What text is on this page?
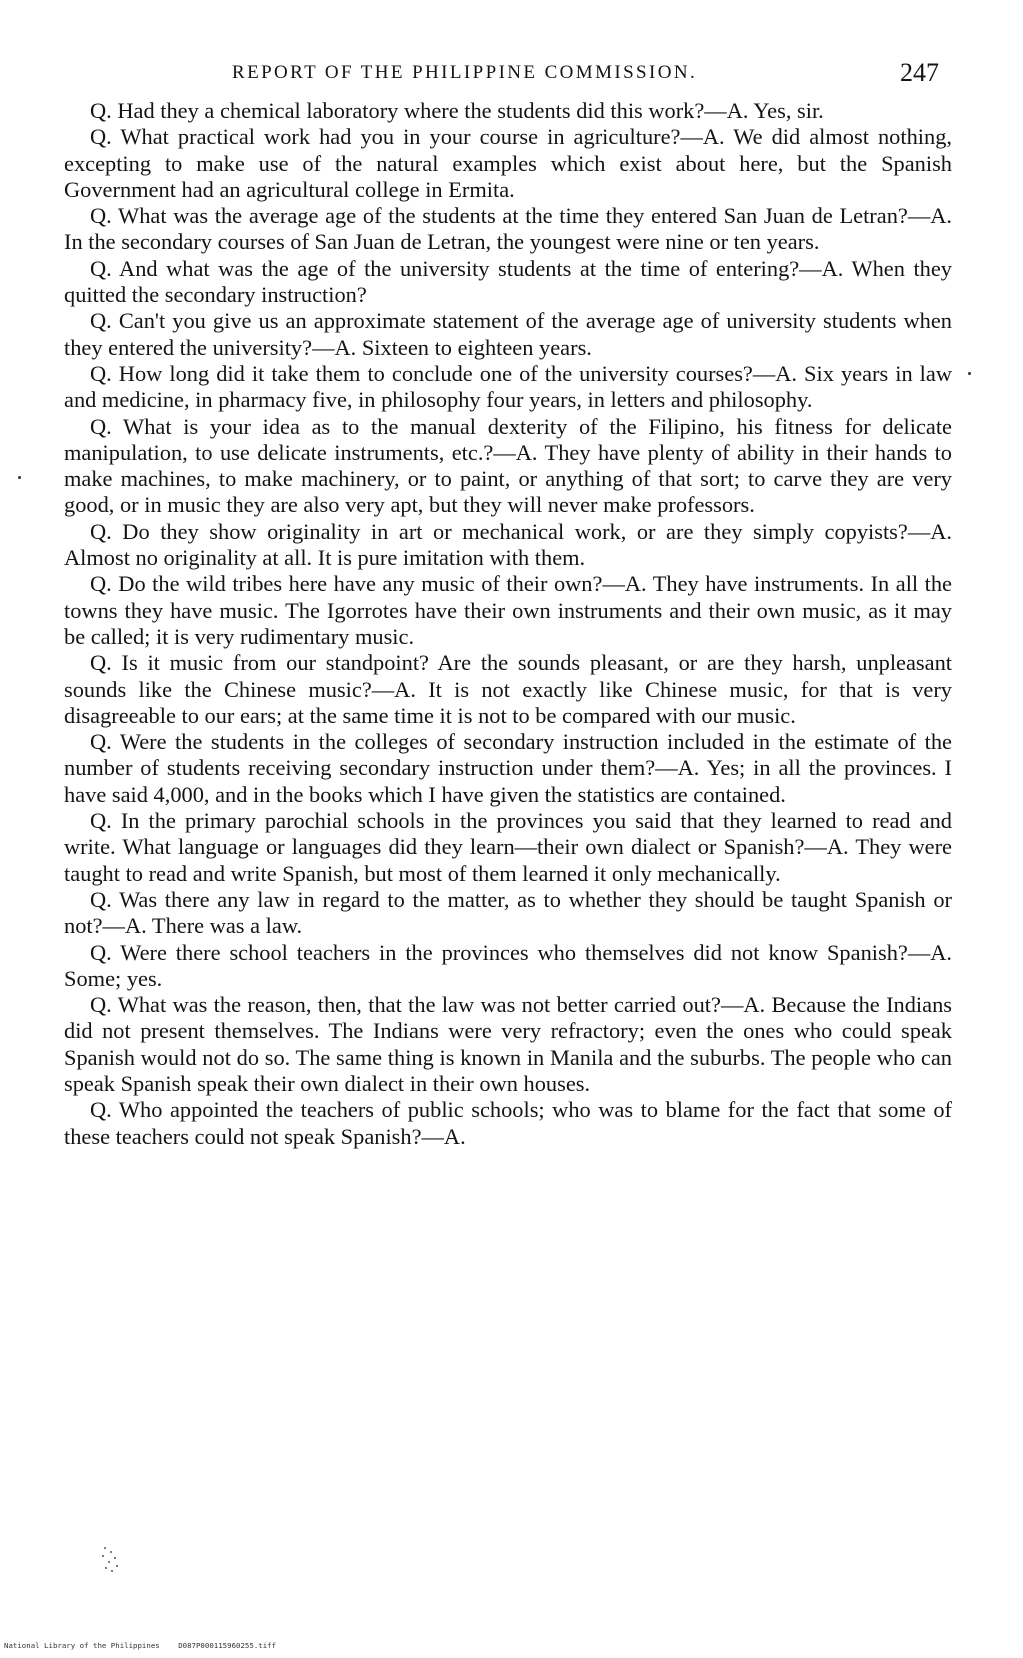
REPORT OF THE PHILIPPINE COMMISSION.	247

Q. Had they a chemical laboratory where the students did this work?—A. Yes, sir.

Q. What practical work had you in your course in agriculture?—A. We did almost nothing, excepting to make use of the natural examples which exist about here, but the Spanish Government had an agricultural college in Ermita.

Q. What was the average age of the students at the time they entered San Juan de Letran?—A. In the secondary courses of San Juan de Letran, the youngest were nine or ten years.

Q. And what was the age of the university students at the time of entering?—A. When they quitted the secondary instruction?

Q. Can't you give us an approximate statement of the average age of university students when they entered the university?—A. Sixteen to eighteen years.

Q. How long did it take them to conclude one of the university courses?—A. Six years in law and medicine, in pharmacy five, in philosophy four years, in letters and philosophy.

Q. What is your idea as to the manual dexterity of the Filipino, his fitness for delicate manipulation, to use delicate instruments, etc.?—A. They have plenty of ability in their hands to make machines, to make machinery, or to paint, or anything of that sort; to carve they are very good, or in music they are also very apt, but they will never make professors.

Q. Do they show originality in art or mechanical work, or are they simply copyists?—A. Almost no originality at all. It is pure imitation with them.

Q. Do the wild tribes here have any music of their own?—A. They have instruments. In all the towns they have music. The Igorrotes have their own instruments and their own music, as it may be called; it is very rudimentary music.

Q. Is it music from our standpoint? Are the sounds pleasant, or are they harsh, unpleasant sounds like the Chinese music?—A. It is not exactly like Chinese music, for that is very disagreeable to our ears; at the same time it is not to be compared with our music.

Q. Were the students in the colleges of secondary instruction included in the estimate of the number of students receiving secondary instruction under them?—A. Yes; in all the provinces. I have said 4,000, and in the books which I have given the statistics are contained.

Q. In the primary parochial schools in the provinces you said that they learned to read and write. What language or languages did they learn—their own dialect or Spanish?—A. They were taught to read and write Spanish, but most of them learned it only mechanically.

Q. Was there any law in regard to the matter, as to whether they should be taught Spanish or not?—A. There was a law.

Q. Were there school teachers in the provinces who themselves did not know Spanish?—A. Some; yes.

Q. What was the reason, then, that the law was not better carried out?—A. Because the Indians did not present themselves. The Indians were very refractory; even the ones who could speak Spanish would not do so. The same thing is known in Manila and the suburbs. The people who can speak Spanish speak their own dialect in their own houses.

Q. Who appointed the teachers of public schools; who was to blame for the fact that some of these teachers could not speak Spanish?—A.

National Library of the Philippines D087P000115960255.tiff
